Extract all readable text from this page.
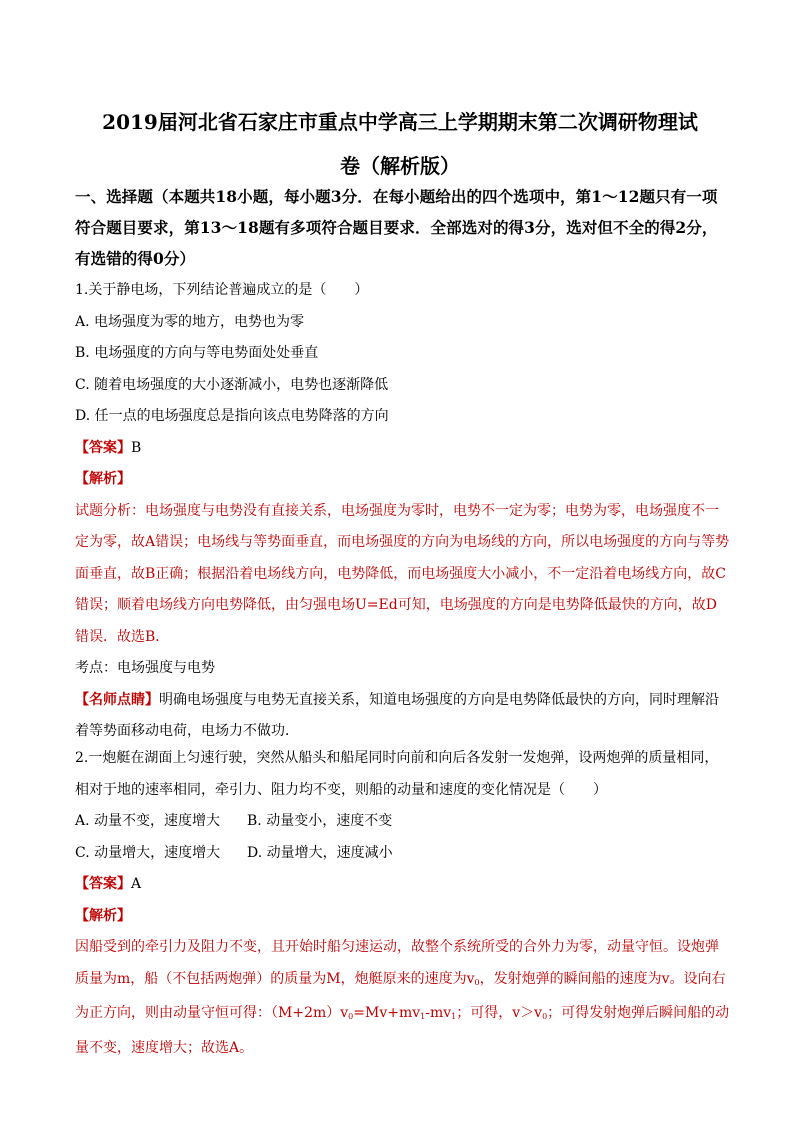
2019届河北省石家庄市重点中学高三上学期期末第二次调研物理试
卷（解析版）
一、选择题（本题共18小题，每小题3分．在每小题给出的四个选项中，第1～12题只有一项符合题目要求，第13～18题有多项符合题目要求．全部选对的得3分，选对但不全的得2分，有选错的得0分）

1.关于静电场，下列结论普遍成立的是（　　）

A. 电场强度为零的地方，电势也为零

B. 电场强度的方向与等电势面处处垂直

C. 随着电场强度的大小逐渐减小，电势也逐渐降低

D. 任一点的电场强度总是指向该点电势降落的方向

【答案】B

【解析】

试题分析：电场强度与电势没有直接关系，电场强度为零时，电势不一定为零；电势为零，电场强度不一定为零，故A错误；电场线与等势面垂直，而电场强度的方向为电场线的方向，所以电场强度的方向与等势面垂直，故B正确；根据沿着电场线方向，电势降低，而电场强度大小减小，不一定沿着电场线方向，故C错误；顺着电场线方向电势降低，由匀强电场U=Ed可知，电场强度的方向是电势降低最快的方向，故D错误．故选B．

考点：电场强度与电势

【名师点睛】明确电场强度与电势无直接关系，知道电场强度的方向是电势降低最快的方向，同时理解沿着等势面移动电荷，电场力不做功．

2.一炮艇在湖面上匀速行驶，突然从船头和船尾同时向前和向后各发射一发炮弹，设两炮弹的质量相同，相对于地的速率相同，牵引力、阻力均不变，则船的动量和速度的变化情况是（　　）

A. 动量不变，速度增大 B. 动量变小，速度不变

C. 动量增大，速度增大 D. 动量增大，速度减小

【答案】A

【解析】

因船受到的牵引力及阻力不变，且开始时船匀速运动，故整个系统所受的合外力为零，动量守恒。设炮弹质量为m，船（不包括两炮弹）的质量为M，炮艇原来的速度为$v_0$，发射炮弹的瞬间船的速度为v。设向右为正方向，则由动量守恒可得：$(M+2m)v_0=Mv+mv_1-mv_1$；可得，$v>v_0$；可得发射炮弹后瞬间船的动量不变，速度增大；故选A。
